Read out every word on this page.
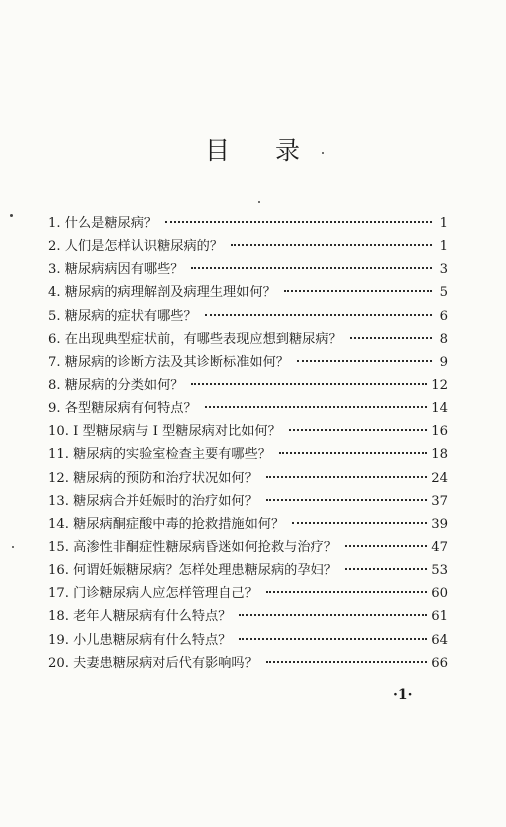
目 录
1. 什么是糖尿病？	1
2. 人们是怎样认识糖尿病的？	1
3. 糖尿病病因有哪些？	3
4. 糖尿病的病理解剖及病理生理如何？	5
5. 糖尿病的症状有哪些？	6
6. 在出现典型症状前，有哪些表现应想到糖尿病？	8
7. 糖尿病的诊断方法及其诊断标准如何？	9
8. 糖尿病的分类如何？	12
9. 各型糖尿病有何特点？	14
10. I 型糖尿病与 I 型糖尿病对比如何？	16
11. 糖尿病的实验室检查主要有哪些？	18
12. 糖尿病的预防和治疗状况如何？	24
13. 糖尿病合并妊娠时的治疗如何？	37
14. 糖尿病酮症酸中毒的抢救措施如何？	39
15. 高渗性非酮症性糖尿病昏迷如何抢救与治疗？	47
16. 何谓妊娠糖尿病？怎样处理患糖尿病的孕妇？	53
17. 门诊糖尿病人应怎样管理自己？	60
18. 老年人糖尿病有什么特点？	61
19. 小儿患糖尿病有什么特点？	64
20. 夫妻患糖尿病对后代有影响吗？	66
·1·
